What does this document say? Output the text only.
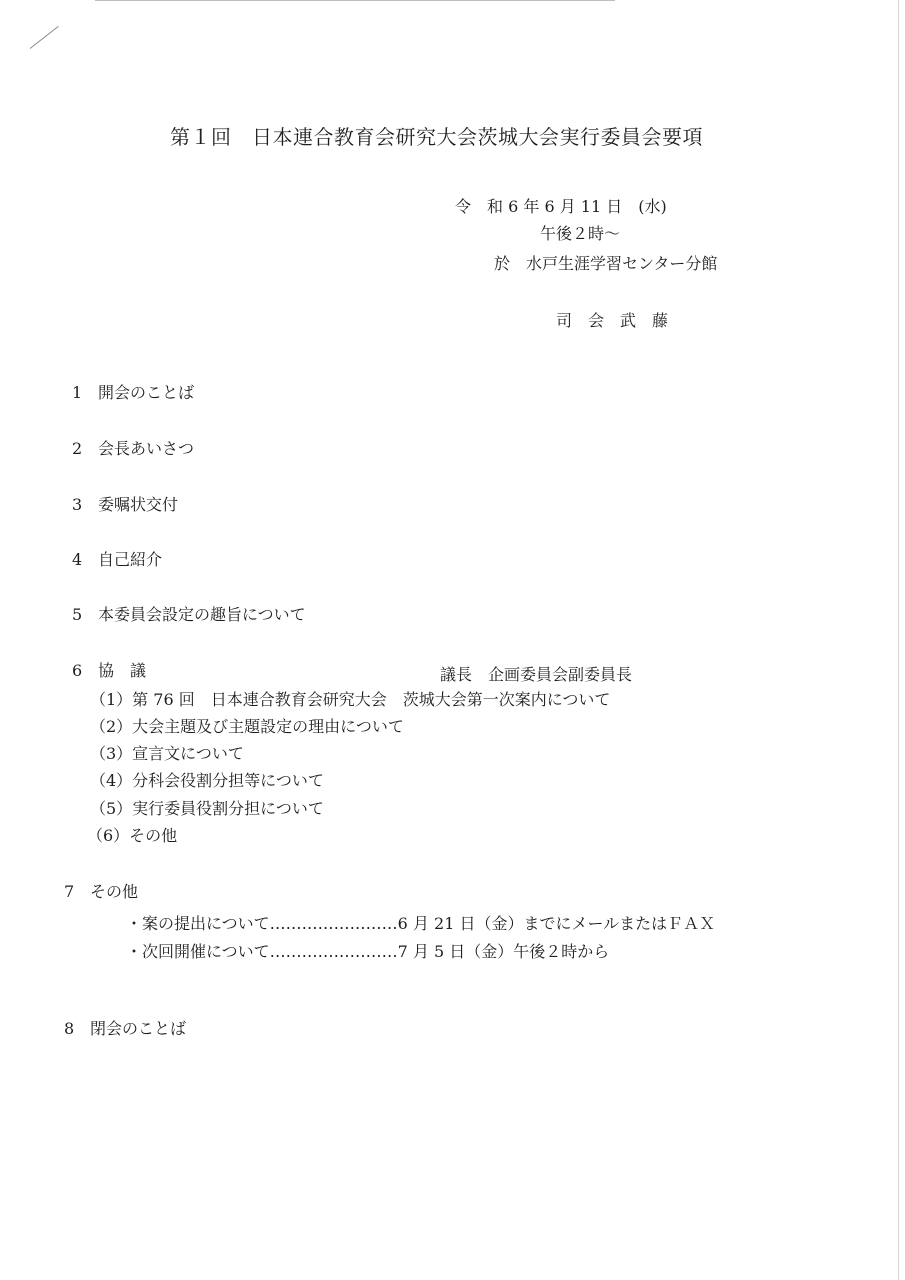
第１回　日本連合教育会研究大会茨城大会実行委員会要項
令　和 6 年 6 月 11 日　(水)
午後２時～
於　水戸生涯学習センター分館
司　会　武　藤
1 開会のことば
2 会長あいさつ
3 委嘱状交付
4 自己紹介
5 本委員会設定の趣旨について
6 協　議	議長　企画委員会副委員長
（1）第 76 回　日本連合教育会研究大会　茨城大会第一次案内について
（2）大会主題及び主題設定の理由について
（3）宣言文について
（4）分科会役割分担等について
（5）実行委員役割分担について
（6）その他
7 その他
・案の提出について……………………6 月 21 日（金）までにメールまたはＦＡＸ
・次回開催について……………………7 月 5 日（金）午後２時から
8 閉会のことば
